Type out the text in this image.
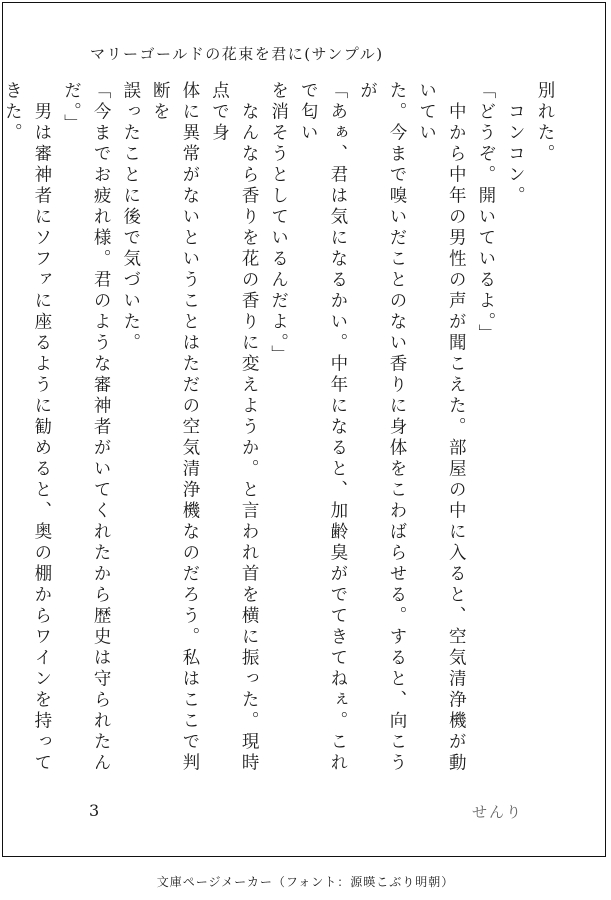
マリーゴールドの花束を君に(サンプル)

別れた。

　コンコン。

「どうぞ。開いているよ。」

　中から中年の男性の声が聞こえた。部屋の中に入ると、空気清浄機が動いてい

た。今まで嗅いだことのない香りに身体をこわばらせる。すると、向こうが

「あぁ、君は気になるかい。中年になると、加齢臭がでてきてねぇ。これで匂い

を消そうとしているんだよ。」

　なんなら香りを花の香りに変えようか。と言われ首を横に振った。現時点で身

体に異常がないということはただの空気清浄機なのだろう。私はここで判断を

誤ったことに後で気づいた。

「今までお疲れ様。君のような審神者がいてくれたから歴史は守られたんだ。」

　男は審神者にソファに座るように勧めると、奥の棚からワインを持ってきた。

3	せんり
文庫ページメーカー（フォント：源暎こぶり明朝）
